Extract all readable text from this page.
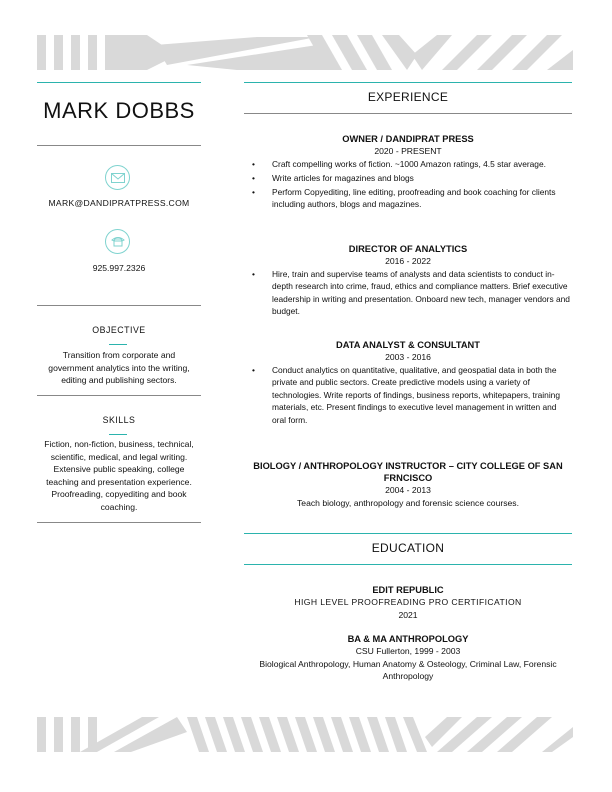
MARK DOBBS
MARK@DANDIPRATPRESS.COM
925.997.2326
OBJECTIVE
Transition from corporate and government analytics into the writing, editing and publishing sectors.
SKILLS
Fiction, non-fiction, business, technical, scientific, medical, and legal writing. Extensive public speaking, college teaching and presentation experience. Proofreading, copyediting and book coaching.
EXPERIENCE
OWNER / DANDIPRAT PRESS
2020 - PRESENT
• Craft compelling works of fiction. ~1000 Amazon ratings, 4.5 star average.
• Write articles for magazines and blogs
• Perform Copyediting, line editing, proofreading and book coaching for clients including authors, blogs and magazines.
DIRECTOR OF ANALYTICS
2016 - 2022
• Hire, train and supervise teams of analysts and data scientists to conduct in-depth research into crime, fraud, ethics and compliance matters. Brief executive leadership in writing and presentation. Onboard new tech, manager vendors and budget.
DATA ANALYST & CONSULTANT
2003 - 2016
• Conduct analytics on quantitative, qualitative, and geospatial data in both the private and public sectors. Create predictive models using a variety of technologies. Write reports of findings, business reports, whitepapers, training materials, etc. Present findings to executive level management in written and oral form.
BIOLOGY / ANTHROPOLOGY INSTRUCTOR – CITY COLLEGE OF SAN FRNCISCO
2004 - 2013
Teach biology, anthropology and forensic science courses.
EDUCATION
EDIT REPUBLIC
HIGH LEVEL PROOFREADING PRO CERTIFICATION
2021
BA & MA ANTHROPOLOGY
CSU Fullerton, 1999 - 2003
Biological Anthropology, Human Anatomy & Osteology, Criminal Law, Forensic Anthropology
